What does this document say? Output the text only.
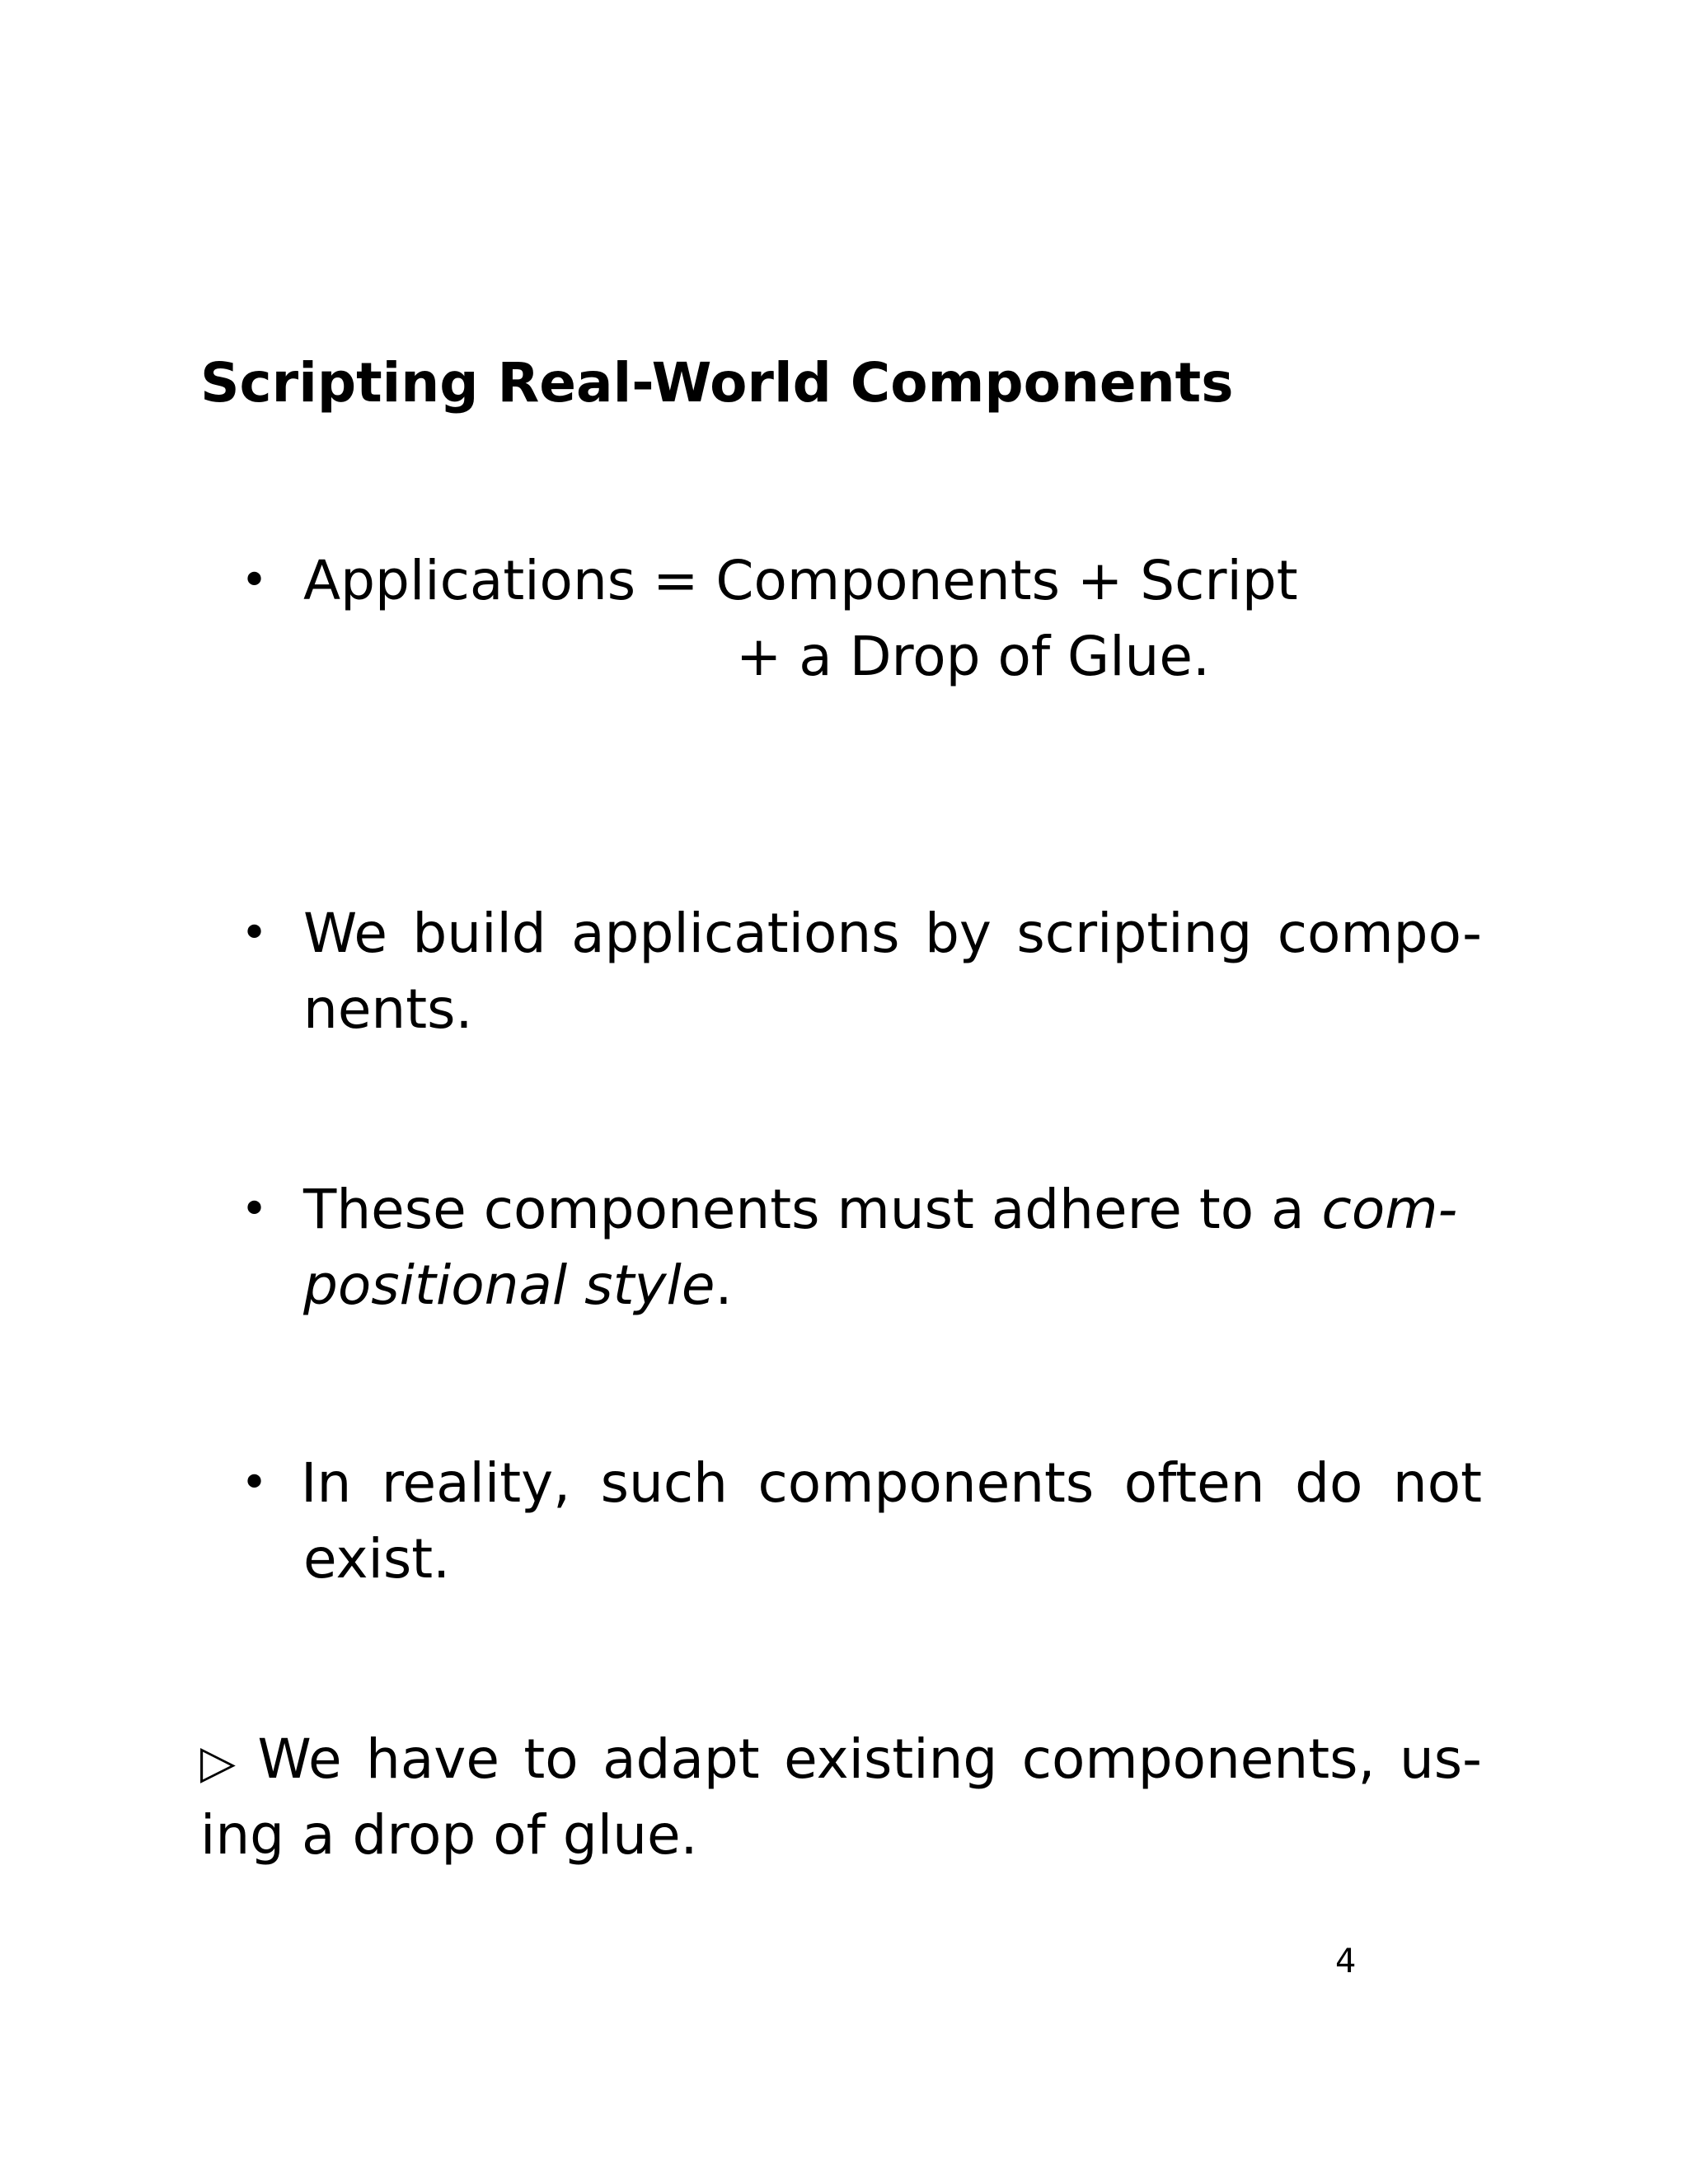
Scripting Real-World Components
• Applications = Components + Script
+ a Drop of Glue.
• We build applications by scripting compo-
nents.
• These components must adhere to a com-
positional style.
• In reality, such components often do not
exist.
▷ We have to adapt existing components, us-
ing a drop of glue.
4
